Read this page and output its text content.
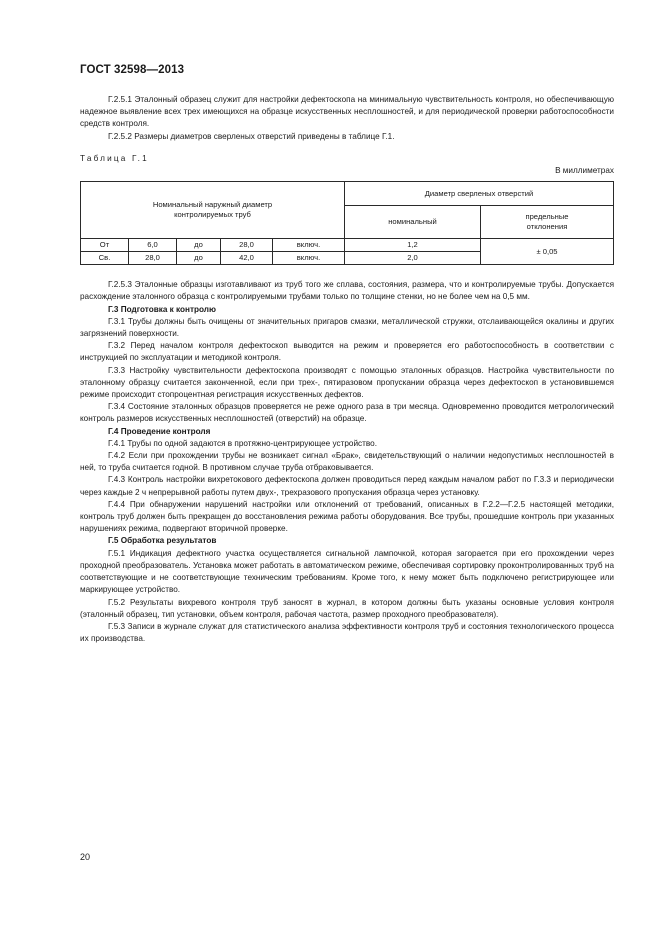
ГОСТ 32598—2013

Г.2.5.1 Эталонный образец служит для настройки дефектоскопа на минимальную чувствительность контроля, но обеспечивающую надежное выявление всех трех имеющихся на образце искусственных несплошностей, и для периодической проверки работоспособности средств контроля.

Г.2.5.2 Размеры диаметров сверленых отверстий приведены в таблице Г.1.

Таблица Г.1
В миллиметрах
Номинальный наружный диаметр контролируемых труб					Диаметр сверленых отверстий	
					номинальный	предельные отклонения
От	6,0	до	28,0	включ.	1,2	± 0,05
Св.	28,0	до	42,0	включ.	2,0	

Г.2.5.3 Эталонные образцы изготавливают из труб того же сплава, состояния, размера, что и контролируемые трубы. Допускается расхождение эталонного образца с контролируемыми трубами только по толщине стенки, но не более чем на 0,5 мм.

Г.3 Подготовка к контролю

Г.3.1 Трубы должны быть очищены от значительных пригаров смазки, металлической стружки, отслаивающейся окалины и других загрязнений поверхности.

Г.3.2 Перед началом контроля дефектоскоп выводится на режим и проверяется его работоспособность в соответствии с инструкцией по эксплуатации и методикой контроля.

Г.3.3 Настройку чувствительности дефектоскопа производят с помощью эталонных образцов. Настройка чувствительности по эталонному образцу считается законченной, если при трех-, пятиразовом пропускании образца через дефектоскоп в установившемся режиме происходит стопроцентная регистрация искусственных дефектов.

Г.3.4 Состояние эталонных образцов проверяется не реже одного раза в три месяца. Одновременно проводится метрологический контроль размеров искусственных несплошностей (отверстий) на образце.

Г.4 Проведение контроля

Г.4.1 Трубы по одной задаются в протяжно-центрирующее устройство.

Г.4.2 Если при прохождении трубы не возникает сигнал «Брак», свидетельствующий о наличии недопустимых несплошностей в ней, то труба считается годной. В противном случае труба отбраковывается.

Г.4.3 Контроль настройки вихретокового дефектоскопа должен проводиться перед каждым началом работ по Г.3.3 и периодически через каждые 2 ч непрерывной работы путем двух-, трехразового пропускания образца через установку.

Г.4.4 При обнаружении нарушений настройки или отклонений от требований, описанных в Г.2.2—Г.2.5 настоящей методики, контроль труб должен быть прекращен до восстановления режима работы оборудования. Все трубы, прошедшие контроль при указанных нарушениях режима, подвергают вторичной проверке.

Г.5 Обработка результатов

Г.5.1 Индикация дефектного участка осуществляется сигнальной лампочкой, которая загорается при его прохождении через проходной преобразователь. Установка может работать в автоматическом режиме, обеспечивая сортировку проконтролированных труб на соответствующие и не соответствующие техническим требованиям. Кроме того, к нему может быть подключено регистрирующее или маркирующее устройство.

Г.5.2 Результаты вихревого контроля труб заносят в журнал, в котором должны быть указаны основные условия контроля (эталонный образец, тип установки, объем контроля, рабочая частота, размер проходного преобразователя).

Г.5.3 Записи в журнале служат для статистического анализа эффективности контроля труб и состояния технологического процесса их производства.

20
